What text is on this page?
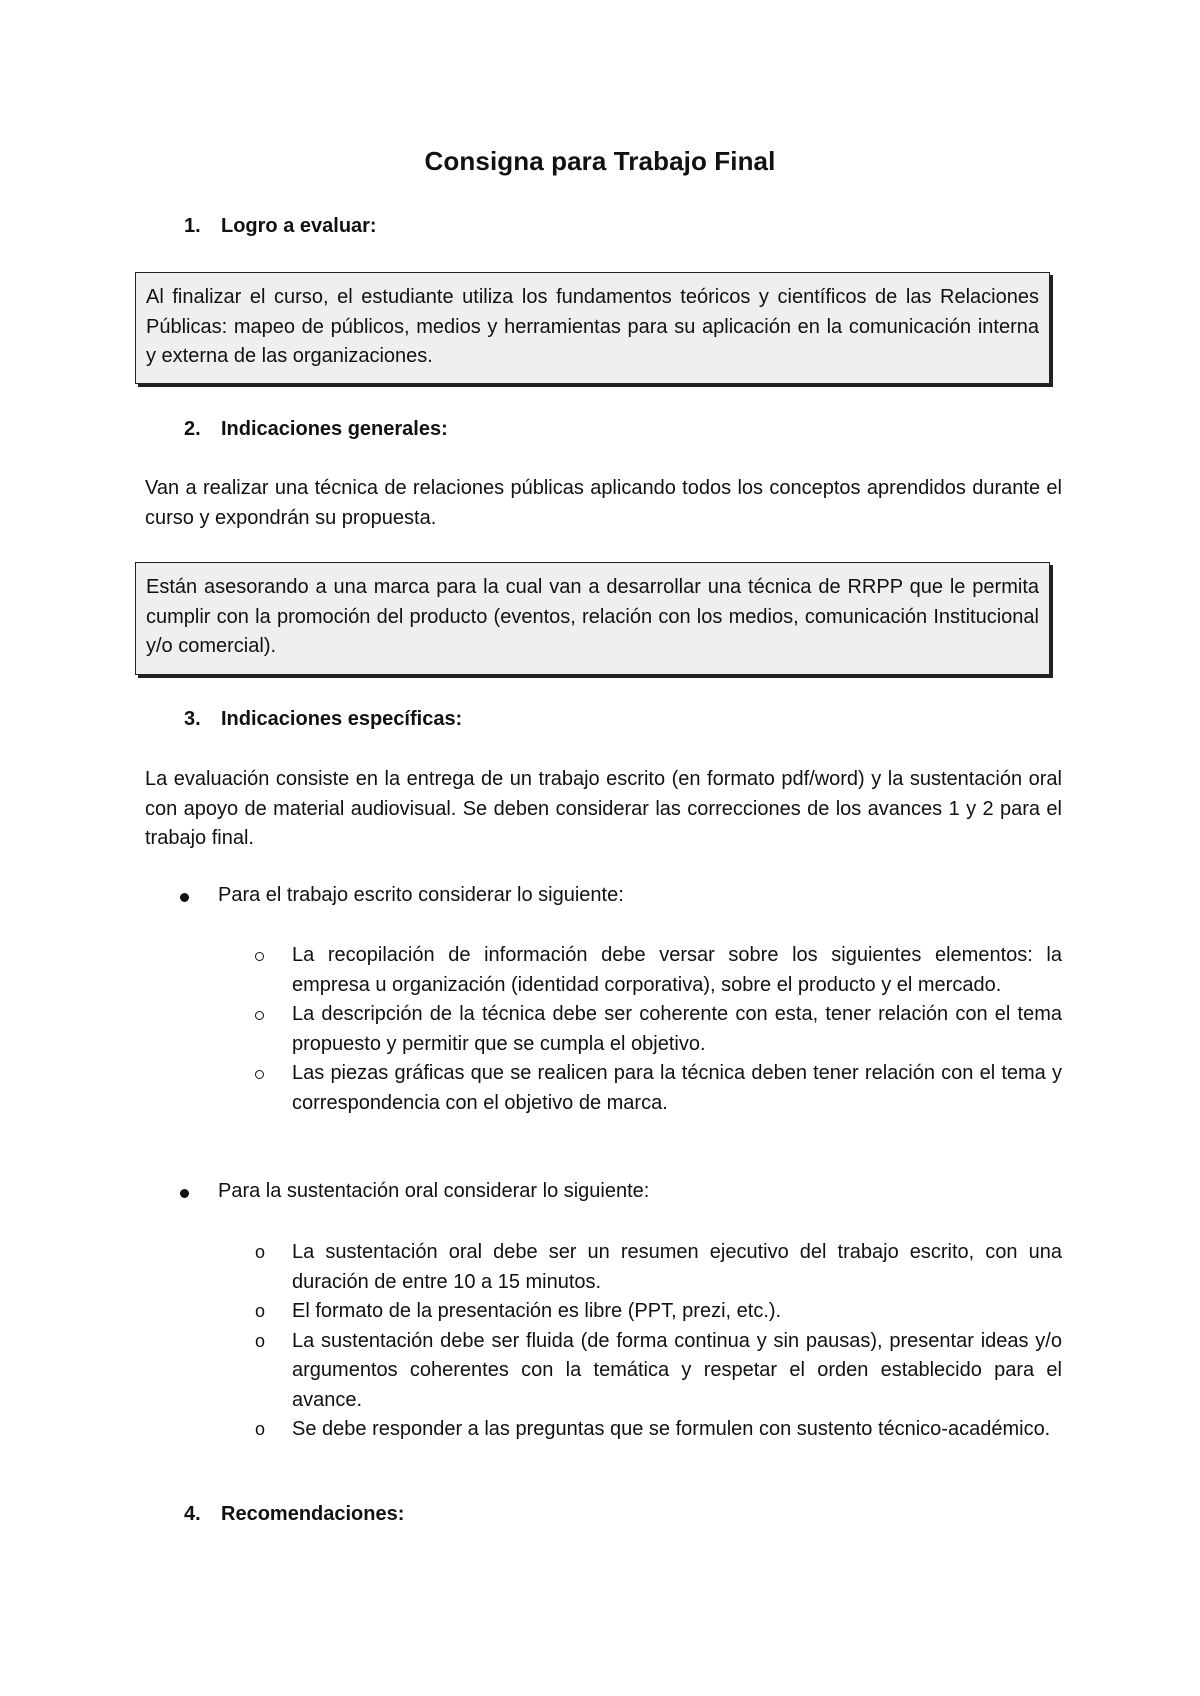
Consigna para Trabajo Final
1. Logro a evaluar:
Al finalizar el curso, el estudiante utiliza los fundamentos teóricos y científicos de las Relaciones Públicas: mapeo de públicos, medios y herramientas para su aplicación en la comunicación interna y externa de las organizaciones.
2. Indicaciones generales:
Van a realizar una técnica de relaciones públicas aplicando todos los conceptos aprendidos durante el curso y expondrán su propuesta.
Están asesorando a una marca para la cual van a desarrollar una técnica de RRPP que le permita cumplir con la promoción del producto (eventos, relación con los medios, comunicación Institucional y/o comercial).
3. Indicaciones específicas:
La evaluación consiste en la entrega de un trabajo escrito (en formato pdf/word) y la sustentación oral con apoyo de material audiovisual. Se deben considerar las correcciones de los avances 1 y 2 para el trabajo final.
Para el trabajo escrito considerar lo siguiente:
La recopilación de información debe versar sobre los siguientes elementos: la empresa u organización (identidad corporativa), sobre el producto y el mercado.
La descripción de la técnica debe ser coherente con esta, tener relación con el tema propuesto y permitir que se cumpla el objetivo.
Las piezas gráficas que se realicen para la técnica deben tener relación con el tema y correspondencia con el objetivo de marca.
Para la sustentación oral considerar lo siguiente:
o La sustentación oral debe ser un resumen ejecutivo del trabajo escrito, con una duración de entre 10 a 15 minutos.
o El formato de la presentación es libre (PPT, prezi, etc.).
o La sustentación debe ser fluida (de forma continua y sin pausas), presentar ideas y/o argumentos coherentes con la temática y respetar el orden establecido para el avance.
o Se debe responder a las preguntas que se formulen con sustento técnico-académico.
4. Recomendaciones:
